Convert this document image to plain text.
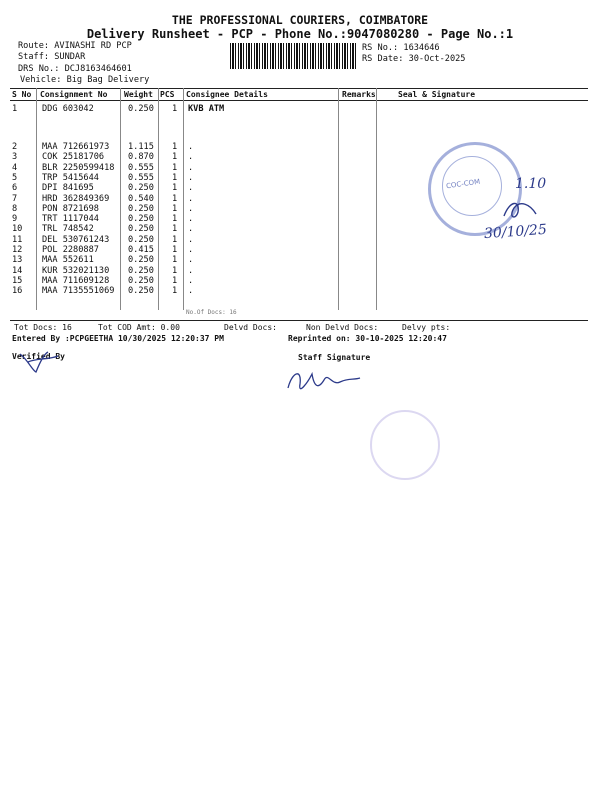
THE PROFESSIONAL COURIERS, COIMBATORE
Delivery Runsheet - PCP - Phone No.:9047080280 - Page No.:1
Route: AVINASHI RD PCP
Staff: SUNDAR
DRS No.: DCJ8163464601
Vehicle: Big Bag Delivery
RS No.: 1634646
RS Date: 30-Oct-2025
S No Consignment No Weight PCS Consignee Details	Remarks	Seal & Signature
1	DDG 603042	0.250 1 KVB ATM
2	MAA 712661973 1.115 1 .
3	COK 25181706	0.870 1 .
4	BLR 2250599418 0.555 1 .
5	TRP 5415644	0.555 1 .
6	DPI 841695	0.250 1 .
7	HRD 362849369 0.540 1 .
8	PON 8721698	0.250 1 .
9	TRT 1117044	0.250 1 .
10 TRL 748542	0.250 1 .
11 DEL 530761243 0.250 1 .
12 POL 2280887	0.415 1 .
13 MAA 552611	0.250 1 .
14 KUR 532021130 0.250 1 .
15 MAA 711609128 0.250 1 .
16 MAA 7135551069 0.250 1 .
No.Of Docs: 16
Tot Docs: 16	Tot COD Amt: 0.00	Delvd Docs:	Non Delvd Docs:	Delvy pts:
Entered By :PCPGEETHA 10/30/2025 12:20:37 PM	Reprinted on: 30-10-2025 12:20:47
Verified By	Staff Signature
COC-COM 1.10
30/10/25
